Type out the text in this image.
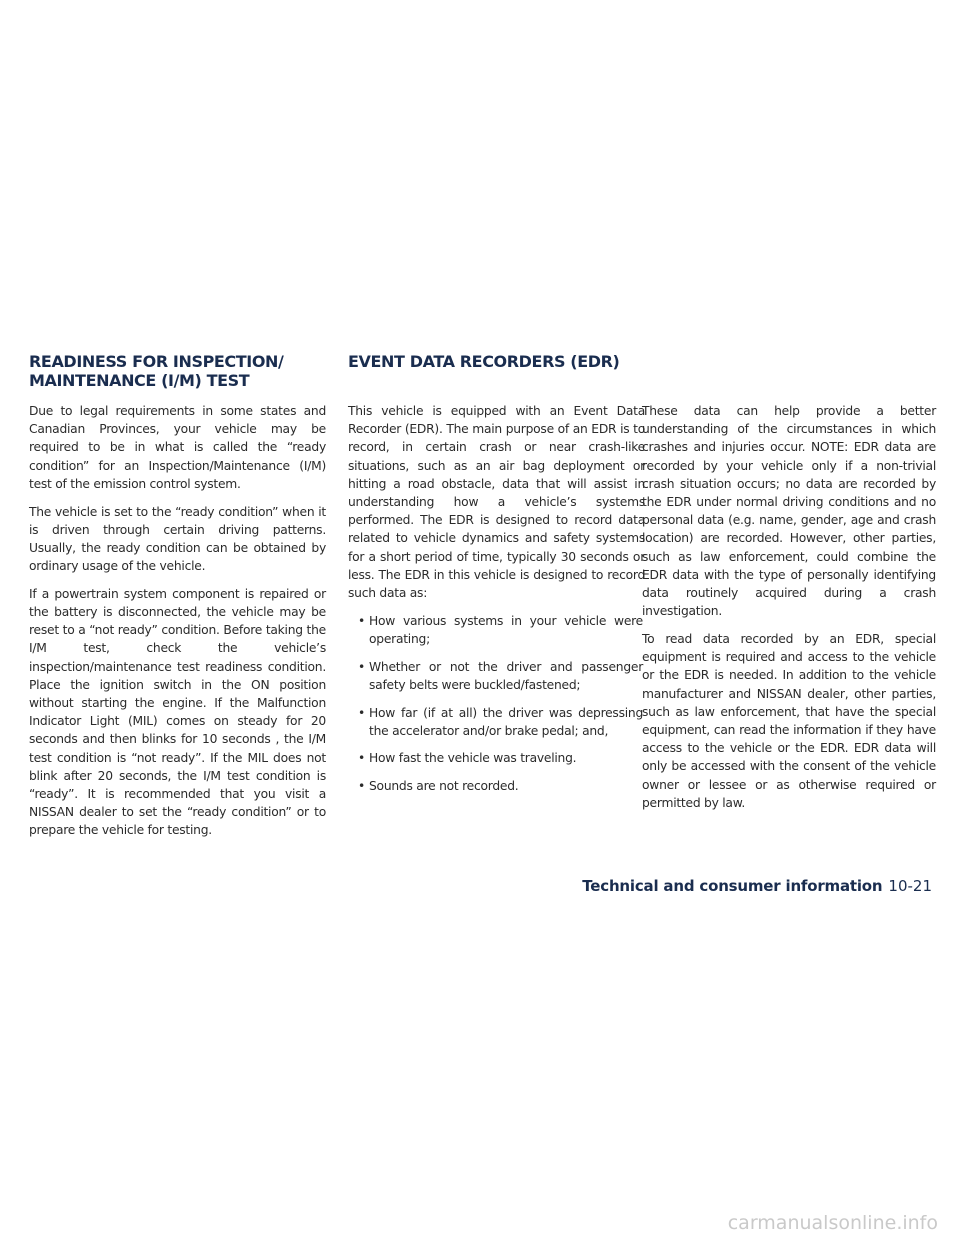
READINESS FOR INSPECTION/
MAINTENANCE (I/M) TEST
EVENT DATA RECORDERS (EDR)

Due to legal requirements in some states and Canadian Provinces, your vehicle may be required to be in what is called the “ready condition” for an Inspection/Maintenance (I/M) test of the emission control system.

The vehicle is set to the “ready condition” when it is driven through certain driving patterns. Usually, the ready condition can be obtained by ordinary usage of the vehicle.

If a powertrain system component is repaired or the battery is disconnected, the vehicle may be reset to a “not ready” condition. Before taking the I/M test, check the vehicle’s inspection/maintenance test readiness condition. Place the ignition switch in the ON position without starting the engine. If the Malfunction Indicator Light (MIL) comes on steady for 20 seconds and then blinks for 10 seconds , the I/M test condition is “not ready”. If the MIL does not blink after 20 seconds, the I/M test condition is “ready”. It is recommended that you visit a NISSAN dealer to set the “ready condition” or to prepare the vehicle for testing.

This vehicle is equipped with an Event Data Recorder (EDR). The main purpose of an EDR is to record, in certain crash or near crash-like situations, such as an air bag deployment or hitting a road obstacle, data that will assist in understanding how a vehicle’s systems performed. The EDR is designed to record data related to vehicle dynamics and safety systems for a short period of time, typically 30 seconds or less. The EDR in this vehicle is designed to record such data as:

• How various systems in your vehicle were operating;
• Whether or not the driver and passenger safety belts were buckled/fastened;
• How far (if at all) the driver was depressing the accelerator and/or brake pedal; and,
• How fast the vehicle was traveling.
• Sounds are not recorded.

These data can help provide a better understanding of the circumstances in which crashes and injuries occur. NOTE: EDR data are recorded by your vehicle only if a non-trivial crash situation occurs; no data are recorded by the EDR under normal driving conditions and no personal data (e.g. name, gender, age and crash location) are recorded. However, other parties, such as law enforcement, could combine the EDR data with the type of personally identifying data routinely acquired during a crash investigation.

To read data recorded by an EDR, special equipment is required and access to the vehicle or the EDR is needed. In addition to the vehicle manufacturer and NISSAN dealer, other parties, such as law enforcement, that have the special equipment, can read the information if they have access to the vehicle or the EDR. EDR data will only be accessed with the consent of the vehicle owner or lessee or as otherwise required or permitted by law.

Technical and consumer information 10-21
carmanualsonline.info
